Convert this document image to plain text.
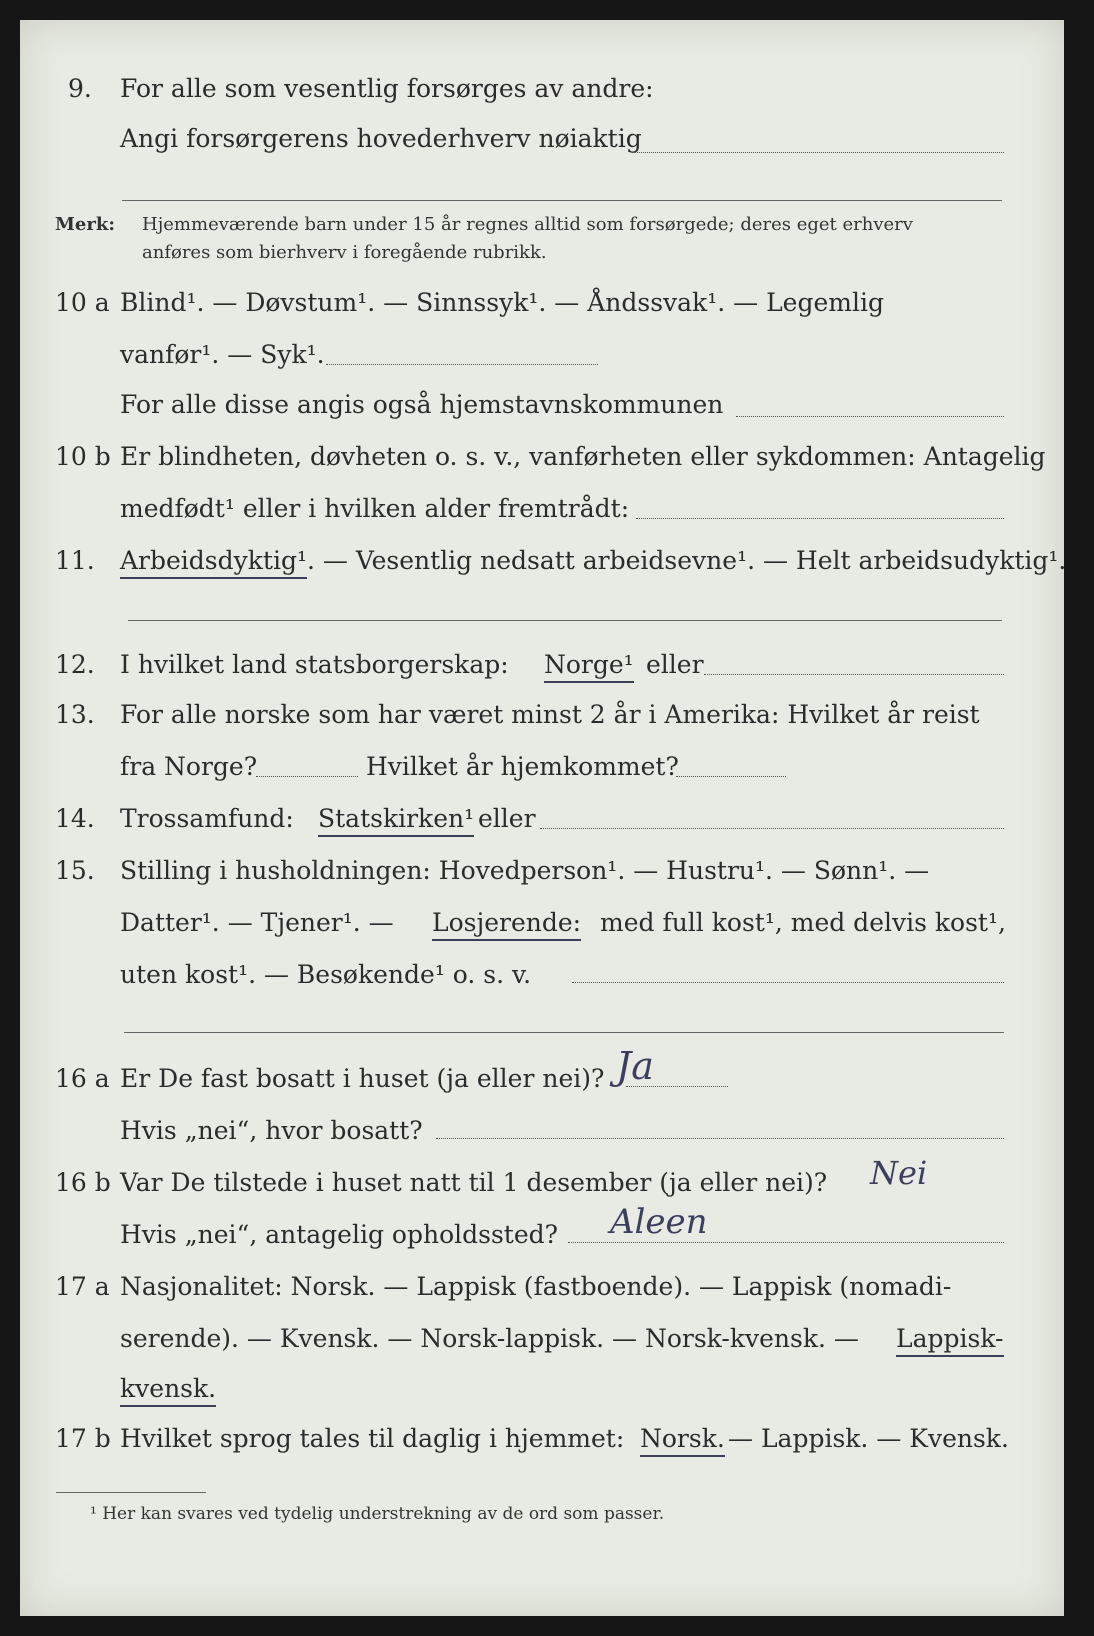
9. For alle som vesentlig forsørges av andre:
Angi forsørgerens hovederhverv nøiaktig
Merk: Hjemmeværende barn under 15 år regnes alltid som forsørgede; deres eget erhverv
anføres som bierhverv i foregående rubrikk.
10 a Blind¹. — Døvstum¹. — Sinnssyk¹. — Åndssvak¹. — Legemlig
vanfør¹. — Syk¹.
For alle disse angis også hjemstavnskommunen
10 b Er blindheten, døvheten o. s. v., vanførheten eller sykdommen: Antagelig
medfødt¹ eller i hvilken alder fremtrådt:
11. Arbeidsdyktig¹. — Vesentlig nedsatt arbeidsevne¹. — Helt arbeidsudyktig¹.
12. I hvilket land statsborgerskap: Norge¹ eller
13. For alle norske som har været minst 2 år i Amerika: Hvilket år reist
fra Norge?	Hvilket år hjemkommet?
14. Trossamfund: Statskirken¹ eller
15. Stilling i husholdningen: Hovedperson¹. — Hustru¹. — Sønn¹. —
Datter¹. — Tjener¹. — Losjerende: med full kost¹, med delvis kost¹,
uten kost¹. — Besøkende¹ o. s. v.
16 a Er De fast bosatt i huset (ja eller nei)? Ja
Hvis „nei“, hvor bosatt?
16 b Var De tilstede i huset natt til 1 desember (ja eller nei)? Nei
Hvis „nei“, antagelig opholdssted? Aleen
17 a Nasjonalitet: Norsk. — Lappisk (fastboende). — Lappisk (nomadi-
serende). — Kvensk. — Norsk-lappisk. — Norsk-kvensk. — Lappisk-
kvensk.
17 b Hvilket sprog tales til daglig i hjemmet: Norsk. — Lappisk. — Kvensk.
¹ Her kan svares ved tydelig understrekning av de ord som passer.
